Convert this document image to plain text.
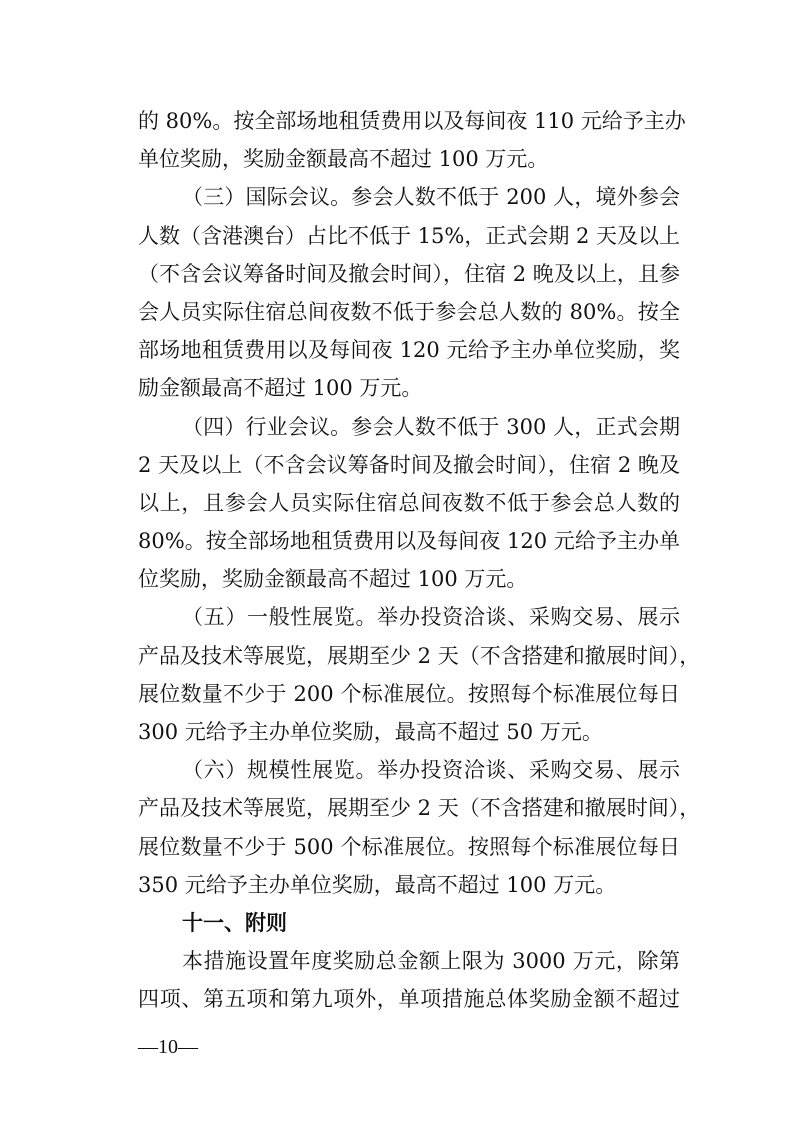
的 80%。按全部场地租赁费用以及每间夜 110 元给予主办
单位奖励，奖励金额最高不超过 100 万元。
（三）国际会议。参会人数不低于 200 人，境外参会
人数（含港澳台）占比不低于 15%，正式会期 2 天及以上
（不含会议筹备时间及撤会时间），住宿 2 晚及以上，且参
会人员实际住宿总间夜数不低于参会总人数的 80%。按全
部场地租赁费用以及每间夜 120 元给予主办单位奖励，奖
励金额最高不超过 100 万元。
（四）行业会议。参会人数不低于 300 人，正式会期
2 天及以上（不含会议筹备时间及撤会时间），住宿 2 晚及
以上，且参会人员实际住宿总间夜数不低于参会总人数的
80%。按全部场地租赁费用以及每间夜 120 元给予主办单
位奖励，奖励金额最高不超过 100 万元。
（五）一般性展览。举办投资洽谈、采购交易、展示
产品及技术等展览，展期至少 2 天（不含搭建和撤展时间），
展位数量不少于 200 个标准展位。按照每个标准展位每日
300 元给予主办单位奖励，最高不超过 50 万元。
（六）规模性展览。举办投资洽谈、采购交易、展示
产品及技术等展览，展期至少 2 天（不含搭建和撤展时间），
展位数量不少于 500 个标准展位。按照每个标准展位每日
350 元给予主办单位奖励，最高不超过 100 万元。
十一、附则
本措施设置年度奖励总金额上限为 3000 万元，除第
四项、第五项和第九项外，单项措施总体奖励金额不超过
—10—
